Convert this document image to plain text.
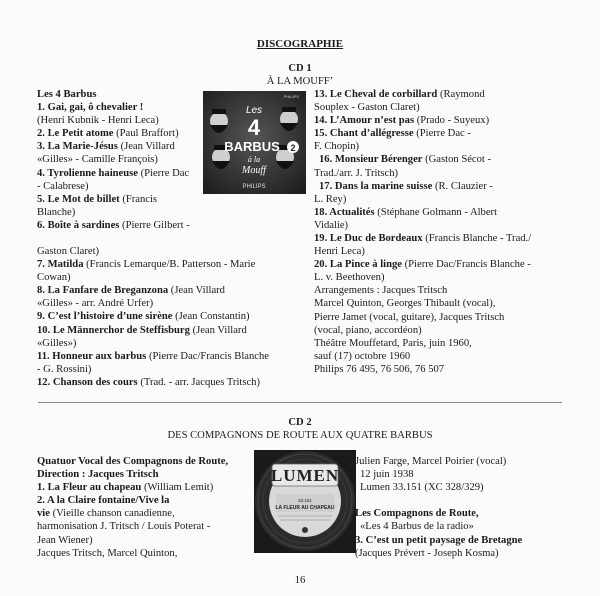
DISCOGRAPHIE
CD 1
À LA MOUFF’
Les 4 Barbus
1. Gai, gai, ô chevalier !
(Henri Kubnik - Henri Leca)
2. Le Petit atome (Paul Braffort)
3. La Marie-Jésus (Jean Villard
«Gilles» - Camille François)
4. Tyrolienne haineuse (Pierre Dac
- Calabrese)
5. Le Mot de billet (Francis
Blanche)
6. Boîte à sardines (Pierre Gilbert -
Gaston Claret)
7. Matilda (Francis Lemarque/B. Patterson - Marie
Cowan)
8. La Fanfare de Breganzona (Jean Villard
«Gilles» - arr. André Urfer)
9. C’est l’histoire d’une sirène (Jean Constantin)
10. Le Männerchor de Steffisburg (Jean Villard
«Gilles»)
11. Honneur aux barbus (Pierre Dac/Francis Blanche
- G. Rossini)
12. Chanson des cours (Trad. - arr. Jacques Tritsch)
Les
4
BARBUS 2
à la
Mouff
PHILIPS
PHILIPS 13. Le Cheval de corbillard (Raymond
Souplex - Gaston Claret)
14. L’Amour n’est pas (Prado - Suyeux)
15. Chant d’allégresse (Pierre Dac -
F. Chopin)
16. Monsieur Bérenger (Gaston Sécot -
Trad./arr. J. Tritsch)
17. Dans la marine suisse (R. Clauzier -
L. Rey)
18. Actualités (Stéphane Golmann - Albert
Vidalie)
19. Le Duc de Bordeaux (Francis Blanche - Trad./
Henri Leca)
20. La Pince à linge (Pierre Dac/Francis Blanche -
L. v. Beethoven)
Arrangements : Jacques Tritsch
Marcel Quinton, Georges Thibault (vocal),
Pierre Jamet (vocal, guitare), Jacques Tritsch
(vocal, piano, accordéon)
Théâtre Mouffetard, Paris, juin 1960,
sauf (17) octobre 1960
Philips 76 495, 76 506, 76 507
CD 2
DES COMPAGNONS DE ROUTE AUX QUATRE BARBUS
Quatuor Vocal des Compagnons de Route,
Direction : Jacques Tritsch
1. La Fleur au chapeau (William Lemit)
2. A la Claire fontaine/Vive la
vie (Vieille chanson canadienne,
harmonisation J. Tritsch / Louis Poterat -
Jean Wiener)
Jacques Tritsch, Marcel Quinton,
LUMEN
33.151
LA FLEUR AU CHAPEAU
Julien Farge, Marcel Poirier (vocal)
12 juin 1938
Lumen 33.151 (XC 328/329)

Les Compagnons de Route,
«Les 4 Barbus de la radio»
3. C’est un petit paysage de Bretagne
(Jacques Prévert - Joseph Kosma)
16
